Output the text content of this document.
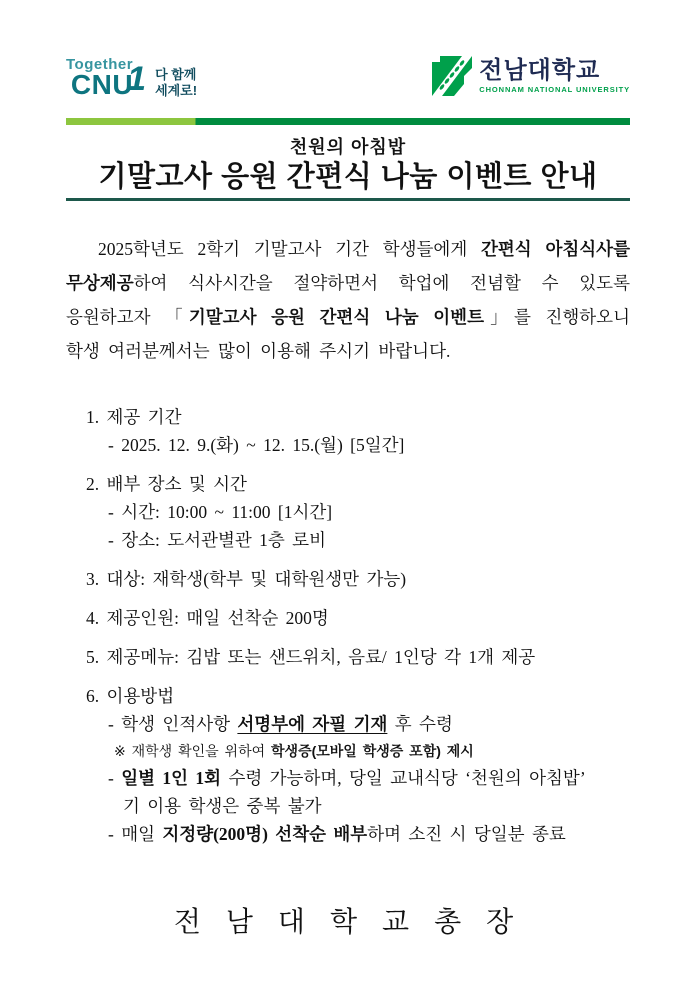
Together
CNU
1 다 함께
세계로!
전남대학교
CHONNAM NATIONAL UNIVERSITY
천원의 아침밥
기말고사 응원 간편식 나눔 이벤트 안내
2025학년도 2학기 기말고사 기간 학생들에게 간편식 아침식사를
무상제공하여 식사시간을 절약하면서 학업에 전념할 수 있도록
응원하고자 「기말고사 응원 간편식 나눔 이벤트」를 진행하오니
학생 여러분께서는 많이 이용해 주시기 바랍니다.
1. 제공 기간
- 2025. 12. 9.(화) ~ 12. 15.(월) [5일간]
2. 배부 장소 및 시간
- 시간: 10:00 ~ 11:00 [1시간]
- 장소: 도서관별관 1층 로비
3. 대상: 재학생(학부 및 대학원생만 가능)
4. 제공인원: 매일 선착순 200명
5. 제공메뉴: 김밥 또는 샌드위치, 음료/ 1인당 각 1개 제공
6. 이용방법
- 학생 인적사항 서명부에 자필 기재 후 수령
※ 재학생 확인을 위하여 학생증(모바일 학생증 포함) 제시
- 일별 1인 1회 수령 가능하며, 당일 교내식당 ‘천원의 아침밥’
기 이용 학생은 중복 불가
- 매일 지정량(200명) 선착순 배부하며 소진 시 당일분 종료
전 남 대 학 교 총 장
